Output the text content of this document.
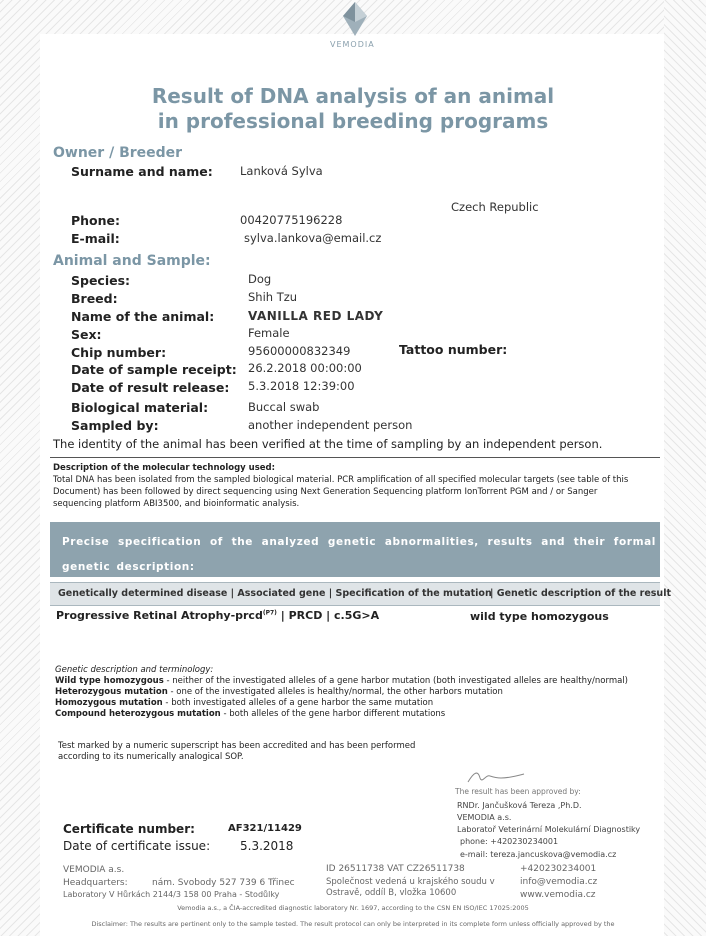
VEMODIA
Result of DNA analysis of an animal
in professional breeding programs
Owner / Breeder
Surname and name: Lanková Sylva
Czech Republic
Phone:	00420775196228
E-mail:	sylva.lankova@email.cz
Animal and Sample:
Species:	Dog
Breed:	Shih Tzu
Name of the animal:	VANILLA RED LADY
Sex:	Female
Chip number:	95600000832349	Tattoo number:
Date of sample receipt: 26.2.2018 00:00:00
Date of result release: 5.3.2018 12:39:00
Biological material:	Buccal swab
Sampled by:	another independent person
The identity of the animal has been verified at the time of sampling by an independent person.
Description of the molecular technology used:
Total DNA has been isolated from the sampled biological material. PCR amplification of all specified molecular targets (see table of this
Document) has been followed by direct sequencing using Next Generation Sequencing platform IonTorrent PGM and / or Sanger
sequencing platform ABI3500, and bioinformatic analysis.
Precise specification of the analyzed genetic abnormalities, results and their formal genetic description:
Genetically determined disease | Associated gene | Specification of the mutation
| Genetic description of the result
Progressive Retinal Atrophy-prcd$^{(P7)}$ | PRCD | c.5G>A	wild type homozygous
Genetic description and terminology:
Wild type homozygous - neither of the investigated alleles of a gene harbor mutation (both investigated alleles are healthy/normal)
Heterozygous mutation - one of the investigated alleles is healthy/normal, the other harbors mutation
Homozygous mutation - both investigated alleles of a gene harbor the same mutation
Compound heterozygous mutation - both alleles of the gene harbor different mutations
Test marked by a numeric superscript has been accredited and has been performed
according to its numerically analogical SOP.
The result has been approved by:
RNDr. Jančušková Tereza ,Ph.D.
VEMODIA a.s.
Laboratoř Veterinární Molekulární Diagnostiky
phone: +420230234001
e-mail: tereza.jancuskova@vemodia.cz
Certificate number:	AF321/11429
Date of certificate issue: 5.3.2018
VEMODIA a.s.
Headquarters:	nám. Svobody 527 739 6 Třinec
Laboratory V Hůrkách 2144/3 158 00 Praha - Stodůlky
ID 26511738 VAT CZ26511738
Společnost vedená u krajského soudu v
Ostravě, oddíl B, vložka 10600
+420230234001
info@vemodia.cz
www.vemodia.cz
Vemodia a.s., a ČIA-accredited diagnostic laboratory Nr. 1697, according to the CSN EN ISO/IEC 17025:2005
Disclaimer: The results are pertinent only to the sample tested. The result protocol can only be interpreted in its complete form unless officially approved by the
